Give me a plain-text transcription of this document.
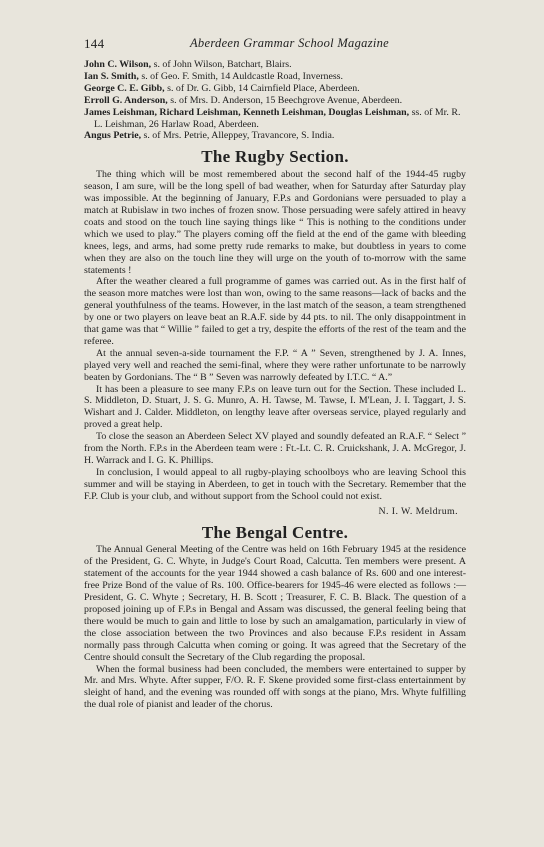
144	Aberdeen Grammar School Magazine

John C. Wilson, s. of John Wilson, Batchart, Blairs.

Ian S. Smith, s. of Geo. F. Smith, 14 Auldcastle Road, Inverness.

George C. E. Gibb, s. of Dr. G. Gibb, 14 Cairnfield Place, Aberdeen.

Erroll G. Anderson, s. of Mrs. D. Anderson, 15 Beechgrove Avenue, Aberdeen.

James Leishman, Richard Leishman, Kenneth Leishman, Douglas Leishman, ss. of Mr. R. L. Leishman, 26 Harlaw Road, Aberdeen.

Angus Petrie, s. of Mrs. Petrie, Alleppey, Travancore, S. India.

The Rugby Section.

The thing which will be most remembered about the second half of the 1944-45 rugby season, I am sure, will be the long spell of bad weather, when for Saturday after Saturday play was impossible. At the beginning of January, F.P.s and Gordonians were persuaded to play a match at Rubislaw in two inches of frozen snow. Those persuading were safely attired in heavy coats and stood on the touch line saying things like “ This is nothing to the conditions under which we used to play.” The players coming off the field at the end of the game with bleeding knees, legs, and arms, had some pretty rude remarks to make, but doubtless in years to come when they are also on the touch line they will urge on the youth of to-morrow with the same statements !

After the weather cleared a full programme of games was carried out. As in the first half of the season more matches were lost than won, owing to the same reasons—lack of backs and the general youthfulness of the teams. However, in the last match of the season, a team strengthened by one or two players on leave beat an R.A.F. side by 44 pts. to nil. The only disappointment in that game was that “ Willie ” failed to get a try, despite the efforts of the rest of the team and the referee.

At the annual seven-a-side tournament the F.P. “ A ” Seven, strengthened by J. A. Innes, played very well and reached the semi-final, where they were rather unfortunate to be narrowly beaten by Gordonians. The “ B ” Seven was narrowly defeated by I.T.C. “ A.”

It has been a pleasure to see many F.P.s on leave turn out for the Section. These included L. S. Middleton, D. Stuart, J. S. G. Munro, A. H. Tawse, M. Tawse, I. M'Lean, J. I. Taggart, J. S. Wishart and J. Calder. Middleton, on lengthy leave after overseas service, played regularly and proved a great help.

To close the season an Aberdeen Select XV played and soundly defeated an R.A.F. “ Select ” from the North. F.P.s in the Aberdeen team were : Ft.-Lt. C. R. Cruickshank, J. A. McGregor, J. H. Warrack and I. G. K. Phillips.

In conclusion, I would appeal to all rugby-playing schoolboys who are leaving School this summer and will be staying in Aberdeen, to get in touch with the Secretary. Remember that the F.P. Club is your club, and without support from the School could not exist.

N. I. W. Meldrum.

The Bengal Centre.

The Annual General Meeting of the Centre was held on 16th February 1945 at the residence of the President, G. C. Whyte, in Judge's Court Road, Calcutta. Ten members were present. A statement of the accounts for the year 1944 showed a cash balance of Rs. 600 and one interest-free Prize Bond of the value of Rs. 100. Office-bearers for 1945-46 were elected as follows :—President, G. C. Whyte ; Secretary, H. B. Scott ; Treasurer, F. C. B. Black. The question of a proposed joining up of F.P.s in Bengal and Assam was discussed, the general feeling being that there would be much to gain and little to lose by such an amalgamation, particularly in view of the close association between the two Provinces and also because F.P.s resident in Assam normally pass through Calcutta when coming or going. It was agreed that the Secretary of the Centre should consult the Secretary of the Club regarding the proposal.

When the formal business had been concluded, the members were entertained to supper by Mr. and Mrs. Whyte. After supper, F/O. R. F. Skene provided some first-class entertainment by sleight of hand, and the evening was rounded off with songs at the piano, Mrs. Whyte fulfilling the dual role of pianist and leader of the chorus.
